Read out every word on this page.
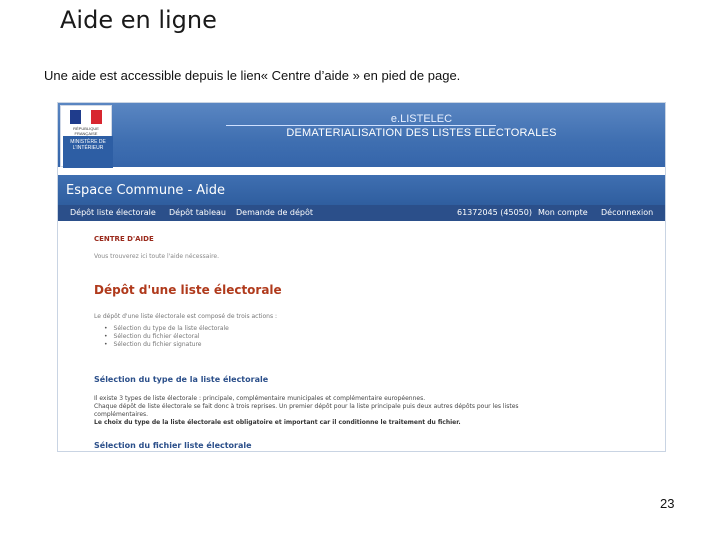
Aide en ligne
Une aide est accessible depuis le lien« Centre d’aide » en pied de page.
RÉPUBLIQUE FRANÇAISE
MINISTÈRE DE L'INTÉRIEUR
e.LISTELEC
DEMATERIALISATION DES LISTES ELECTORALES
Espace Commune - Aide
Dépôt liste électorale Dépôt tableau Demande de dépôt	61372045 (45050) Mon compte Déconnexion
CENTRE D'AIDE
Vous trouverez ici toute l'aide nécessaire.
Dépôt d'une liste électorale
Le dépôt d'une liste électorale est composé de trois actions :
• Sélection du type de la liste électorale
• Sélection du fichier électoral
• Sélection du fichier signature
Sélection du type de la liste électorale
Il existe 3 types de liste électorale : principale, complémentaire municipales et complémentaire européennes.
Chaque dépôt de liste électorale se fait donc à trois reprises. Un premier dépôt pour la liste principale puis deux autres dépôts pour les listes
complémentaires.
Le choix du type de la liste électorale est obligatoire et important car il conditionne le traitement du fichier.
Sélection du fichier liste électorale
23
